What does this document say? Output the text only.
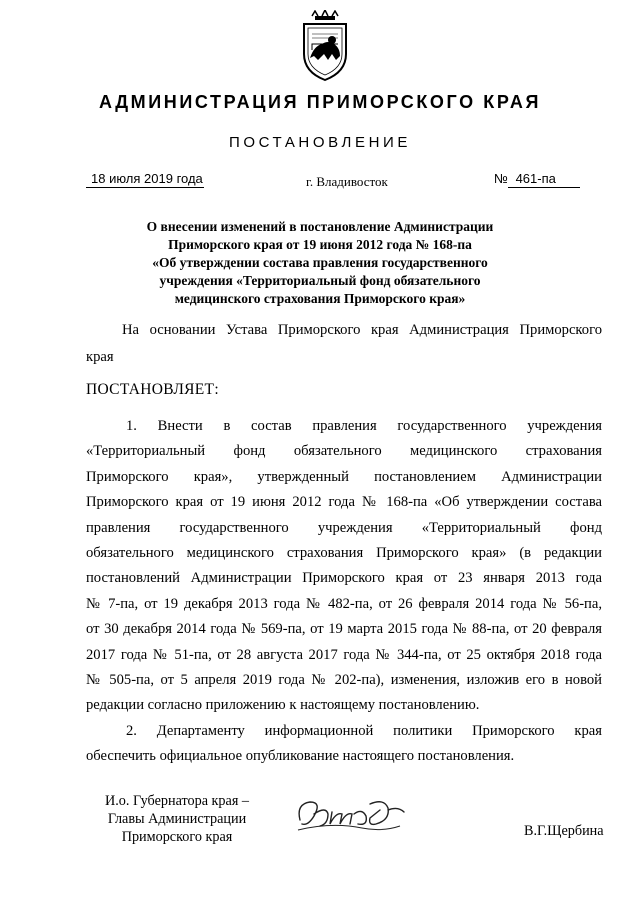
АДМИНИСТРАЦИЯ ПРИМОРСКОГО КРАЯ
ПОСТАНОВЛЕНИЕ
18 июля 2019 года	г. Владивосток	№ 461-па
О внесении изменений в постановление Администрации
Приморского края от 19 июня 2012 года № 168-па
«Об утверждении состава правления государственного
учреждения «Территориальный фонд обязательного
медицинского страхования Приморского края»
На основании Устава Приморского края Администрация Приморского
края
ПОСТАНОВЛЯЕТ:
1. Внести в состав правления государственного учреждения
«Территориальный фонд обязательного медицинского страхования
Приморского края», утвержденный постановлением Администрации
Приморского края от 19 июня 2012 года № 168-па «Об утверждении состава
правления государственного учреждения «Территориальный фонд
обязательного медицинского страхования Приморского края» (в редакции
постановлений Администрации Приморского края от 23 января 2013 года
№ 7-па, от 19 декабря 2013 года № 482-па, от 26 февраля 2014 года № 56-па,
от 30 декабря 2014 года № 569-па, от 19 марта 2015 года № 88-па, от 20 февраля
2017 года № 51-па, от 28 августа 2017 года № 344-па, от 25 октября 2018 года
№ 505-па, от 5 апреля 2019 года № 202-па), изменения, изложив его в новой
редакции согласно приложению к настоящему постановлению.
2. Департаменту информационной политики Приморского края
обеспечить официальное опубликование настоящего постановления.
И.о. Губернатора края –
Главы Администрации
Приморского края	В.Г.Щербина
